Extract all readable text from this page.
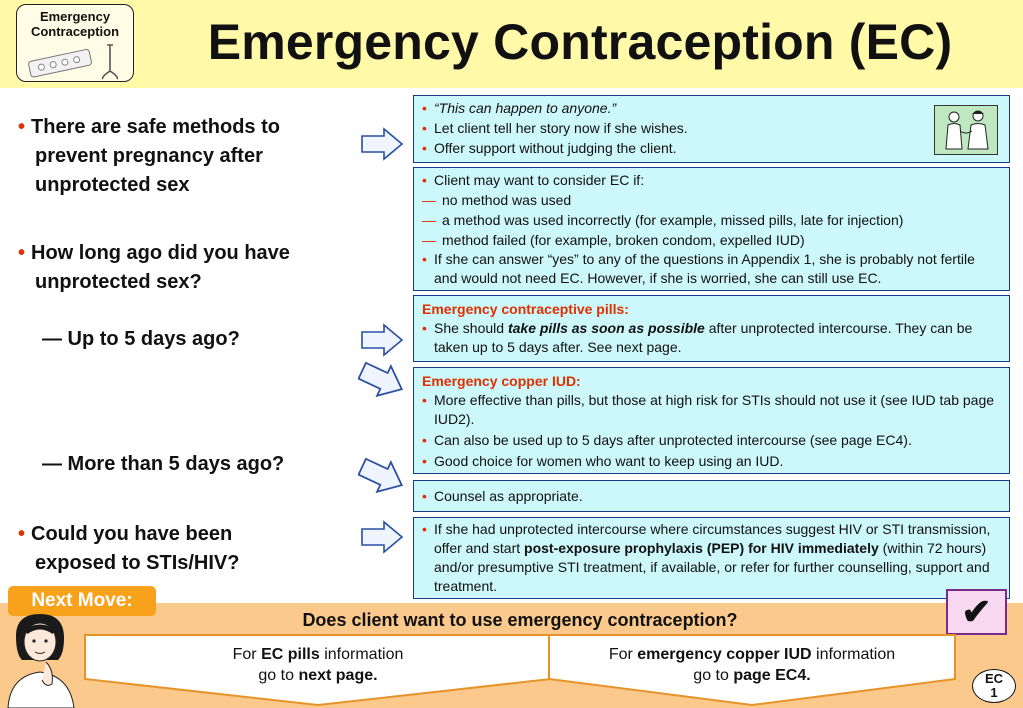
Emergency
Contraception	Emergency Contraception (EC)
• There are safe methods to
prevent pregnancy after
unprotected sex
• How long ago did you have
unprotected sex?
— Up to 5 days ago?
— More than 5 days ago?
• Could you have been
exposed to STIs/HIV?
• “This can happen to anyone.”
• Let client tell her story now if she wishes.
• Offer support without judging the client.
• Client may want to consider EC if:
— no method was used
— a method was used incorrectly (for example, missed pills, late for injection)
— method failed (for example, broken condom, expelled IUD)
• If she can answer “yes” to any of the questions in Appendix 1, she is probably not fertile and would not need EC. However, if she is worried, she can still use EC.
Emergency contraceptive pills:
• She should take pills as soon as possible after unprotected intercourse. They can be taken up to 5 days after. See next page.
Emergency copper IUD:
• More effective than pills, but those at high risk for STIs should not use it (see IUD tab page IUD2).
• Can also be used up to 5 days after unprotected intercourse (see page EC4).
• Good choice for women who want to keep using an IUD.
• Counsel as appropriate.
• If she had unprotected intercourse where circumstances suggest HIV or STI transmission, offer and start post-exposure prophylaxis (PEP) for HIV immediately (within 72 hours) and/or presumptive STI treatment, if available, or refer for further counselling, support and treatment.
Next Move:
Does client want to use emergency contraception?	✔
For EC pills information
go to next page.
For emergency copper IUD information
go to page EC4.	EC
1
